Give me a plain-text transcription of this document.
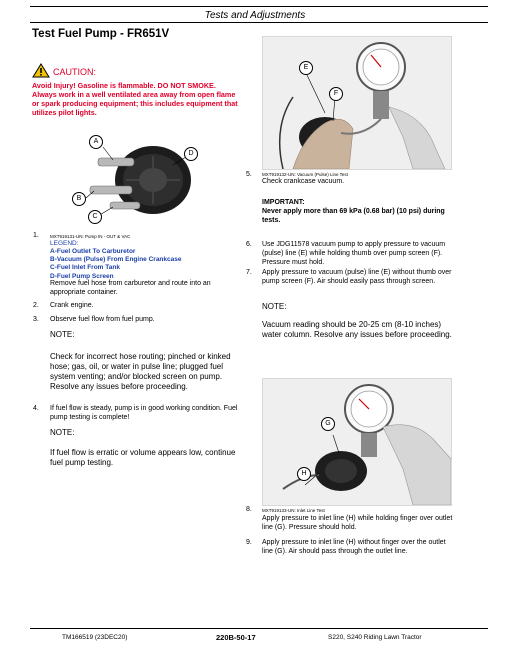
Tests and Adjustments
Test Fuel Pump - FR651V
CAUTION:
Avoid Injury! Gasoline is flammable. DO NOT SMOKE. Always work in a well ventilated area away from open flame or spark producing equipment; this includes equipment that utilizes pilot lights.
A
D
B
C
1. MXT919131-UN: Pump IN - OUT & VAC
LEGEND:
A-Fuel Outlet To Carburetor
B-Vacuum (Pulse) From Engine Crankcase
C-Fuel Inlet From Tank
D-Fuel Pump Screen
Remove fuel hose from carburetor and route into an appropriate container.
2. Crank engine.
3. Observe fuel flow from fuel pump.
NOTE:
Check for incorrect hose routing; pinched or kinked hose; gas, oil, or water in pulse line; plugged fuel system venting; and/or blocked screen on pump. Resolve any issues before proceeding.
4. If fuel flow is steady, pump is in good working condition. Fuel pump testing is complete!
NOTE:
If fuel flow is erratic or volume appears low, continue fuel pump testing.
E
F
5. MXT919132-UN: Vacuum (Pulse) Line Test
Check crankcase vacuum.
IMPORTANT:
Never apply more than 69 kPa (0.68 bar) (10 psi) during tests.
6. Use JDG11578 vacuum pump to apply pressure to vacuum (pulse) line (E) while holding thumb over pump screen (F). Pressure must hold.
7. Apply pressure to vacuum (pulse) line (E) without thumb over pump screen (F). Air should easily pass through screen.
NOTE:
Vacuum reading should be 20-25 cm (8-10 inches) water column. Resolve any issues before proceeding.
G
H
8. MXT919133-UN: Inlet Line Test
Apply pressure to inlet line (H) while holding finger over outlet line (G). Pressure should hold.
9. Apply pressure to inlet line (H) without finger over the outlet line (G). Air should pass through the outlet line.
TM166519 (23DEC20)	220B-50-17	S220, S240 Riding Lawn Tractor
